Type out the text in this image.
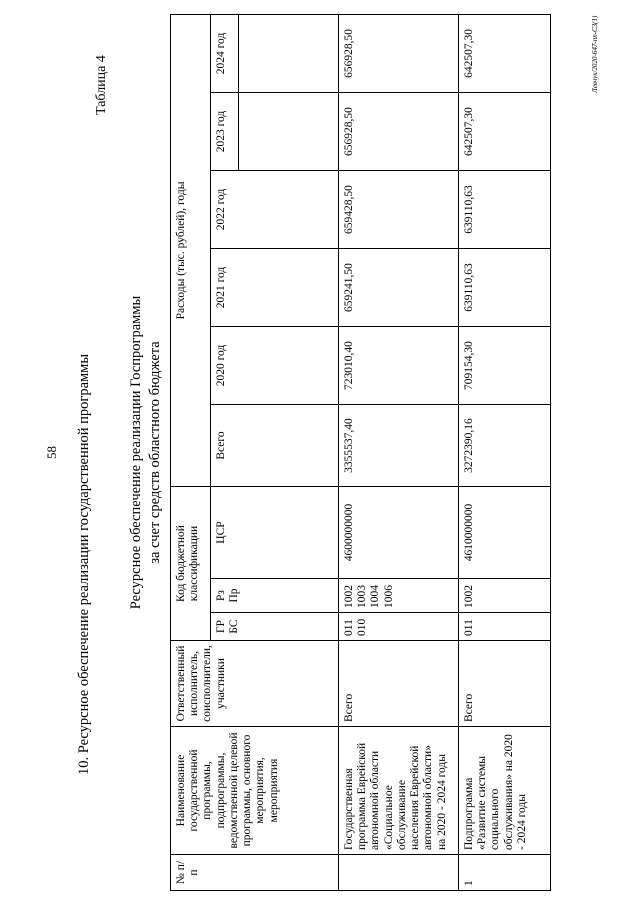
58 10. Ресурсное обеспечение реализации государственной программы
Таблица 4
Ресурсное обеспечение реализации Госпрограммы за счет средств областного бюджета
№ п/п	Наименование государственной программы, подпрограммы, ведомственной целевой программы, основного мероприятия, мероприятия	Ответственный исполнитель, соисполнители, участники	Код бюджетной классификации			Расходы (тыс. рублей), годы					
			ГР БС	Рз Пр	ЦСР	Всего	2020 год	2021 год	2022 год	2023 год	2024 год

	Государственная программа Еврейской автономной области «Социальное обслуживание населения Еврейской автономной области» на 2020 - 2024 годы	Всего	011 010	1002 1003 1004 1006	4600000000	3355537,40	723010,40	659241,50	659428,50	656928,50	656928,50
1	Подпрограмма «Развитие системы социального обслуживания» на 2020 - 2024 годы	Всего	011	1002	4610000000	3272390,16	709154,30	639110,63	639110,63	642507,30	642507,30	Левчук/2020-647-пп-СЗ(1)
